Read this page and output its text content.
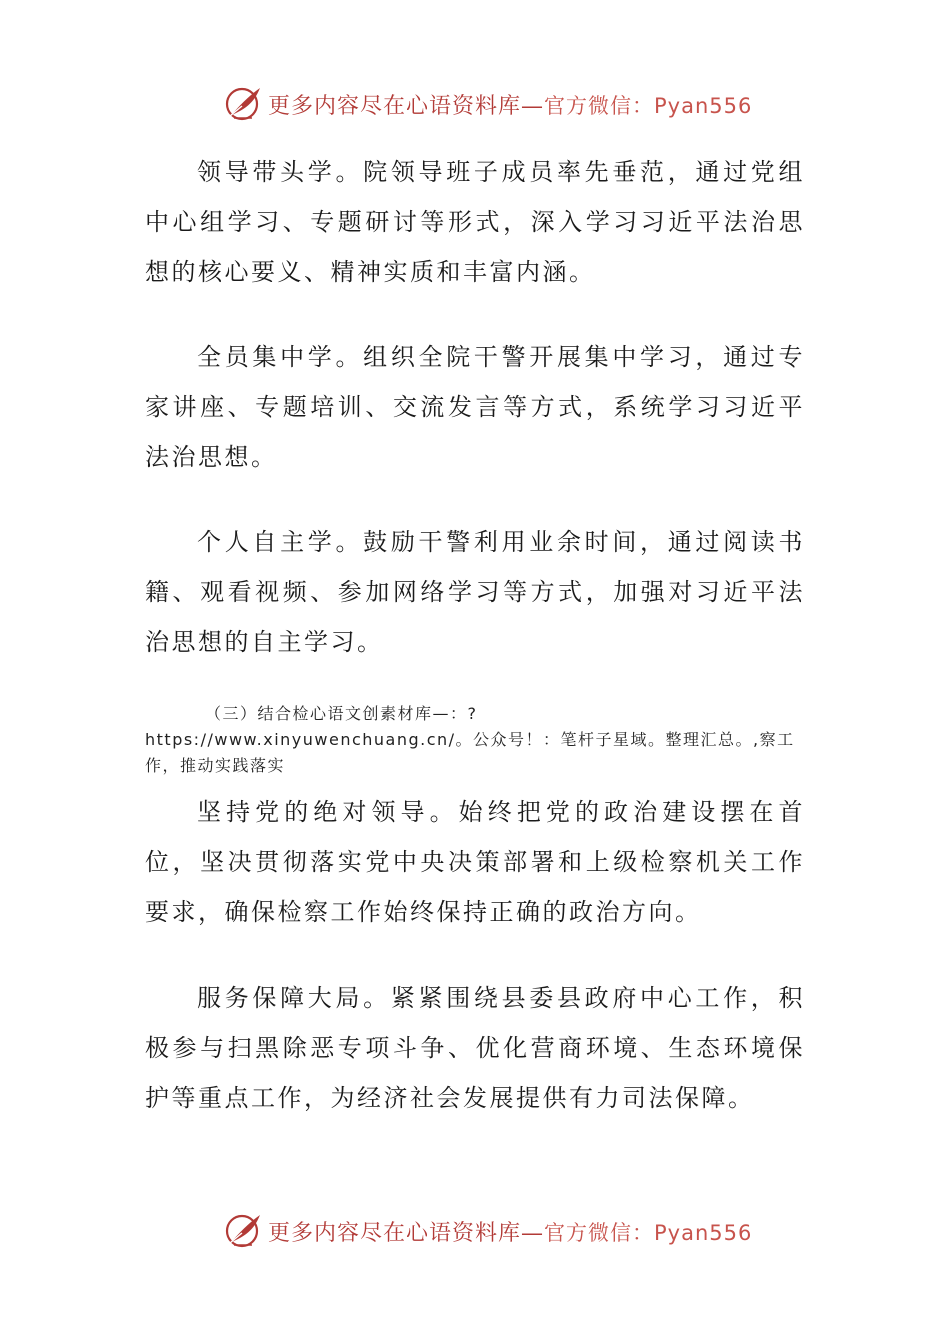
更多内容尽在心语资料库—官方微信：Pyan556

领导带头学。院领导班子成员率先垂范，通过党组中心组学习、专题研讨等形式，深入学习习近平法治思想的核心要义、精神实质和丰富内涵。

全员集中学。组织全院干警开展集中学习，通过专家讲座、专题培训、交流发言等方式，系统学习习近平法治思想。

个人自主学。鼓励干警利用业余时间，通过阅读书籍、观看视频、参加网络学习等方式，加强对习近平法治思想的自主学习。

（三）结合检心语文创素材库—：?https://www.xinyuwenchuang.cn/。公众号！：笔杆子星域。整理汇总。,察工作，推动实践落实

坚持党的绝对领导。始终把党的政治建设摆在首位，坚决贯彻落实党中央决策部署和上级检察机关工作要求，确保检察工作始终保持正确的政治方向。

服务保障大局。紧紧围绕县委县政府中心工作，积极参与扫黑除恶专项斗争、优化营商环境、生态环境保护等重点工作，为经济社会发展提供有力司法保障。

更多内容尽在心语资料库—官方微信：Pyan556
